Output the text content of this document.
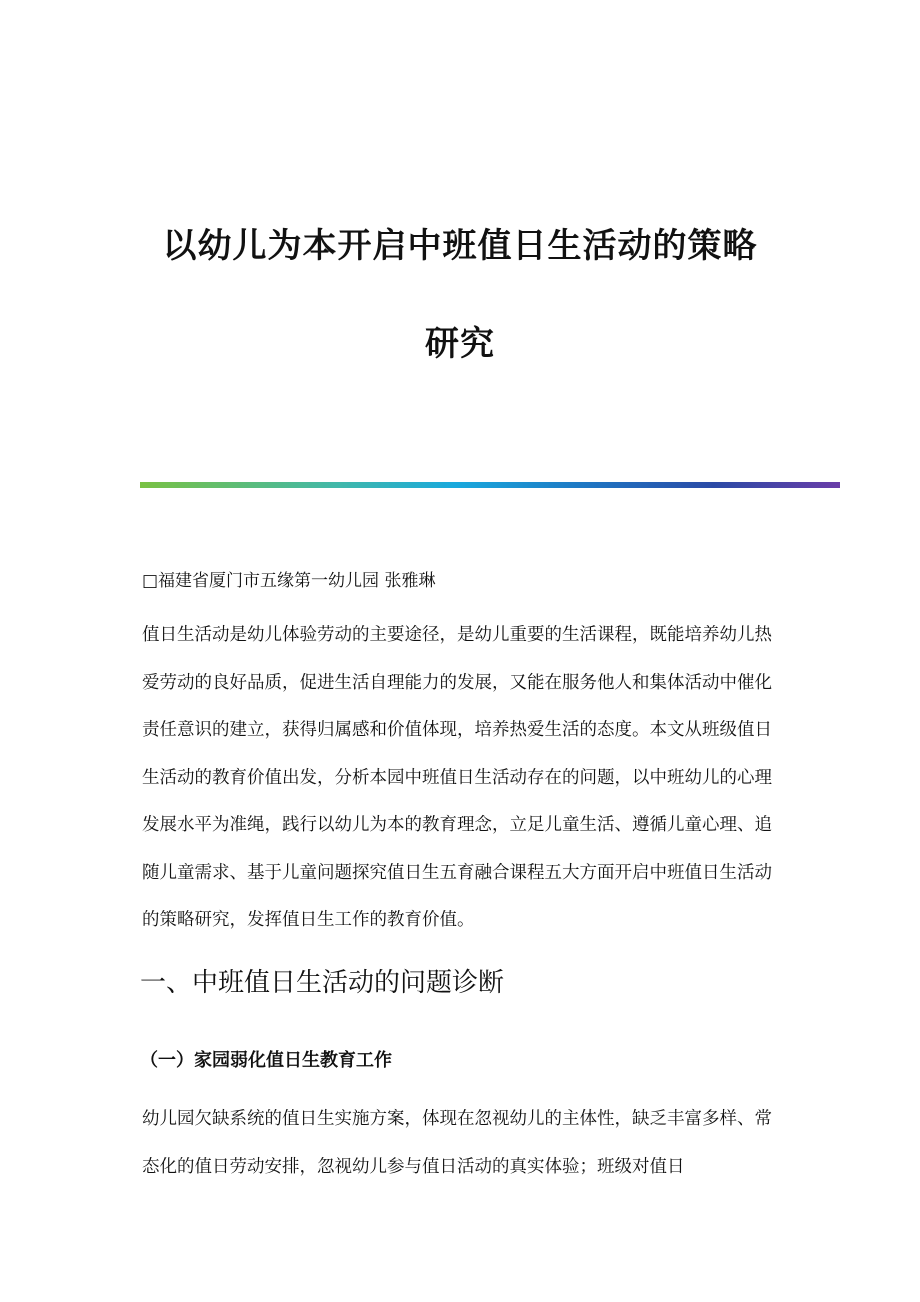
以幼儿为本开启中班值日生活动的策略
研究
□福建省厦门市五缘第一幼儿园 张雅琳
值日生活动是幼儿体验劳动的主要途径，是幼儿重要的生活课程，既能培养幼儿热爱劳动的良好品质，促进生活自理能力的发展，又能在服务他人和集体活动中催化责任意识的建立，获得归属感和价值体现，培养热爱生活的态度。本文从班级值日生活动的教育价值出发，分析本园中班值日生活动存在的问题，以中班幼儿的心理发展水平为准绳，践行以幼儿为本的教育理念，立足儿童生活、遵循儿童心理、追随儿童需求、基于儿童问题探究值日生五育融合课程五大方面开启中班值日生活动的策略研究，发挥值日生工作的教育价值。
一、中班值日生活动的问题诊断
（一）家园弱化值日生教育工作
幼儿园欠缺系统的值日生实施方案，体现在忽视幼儿的主体性，缺乏丰富多样、常态化的值日劳动安排，忽视幼儿参与值日活动的真实体验；班级对值日
